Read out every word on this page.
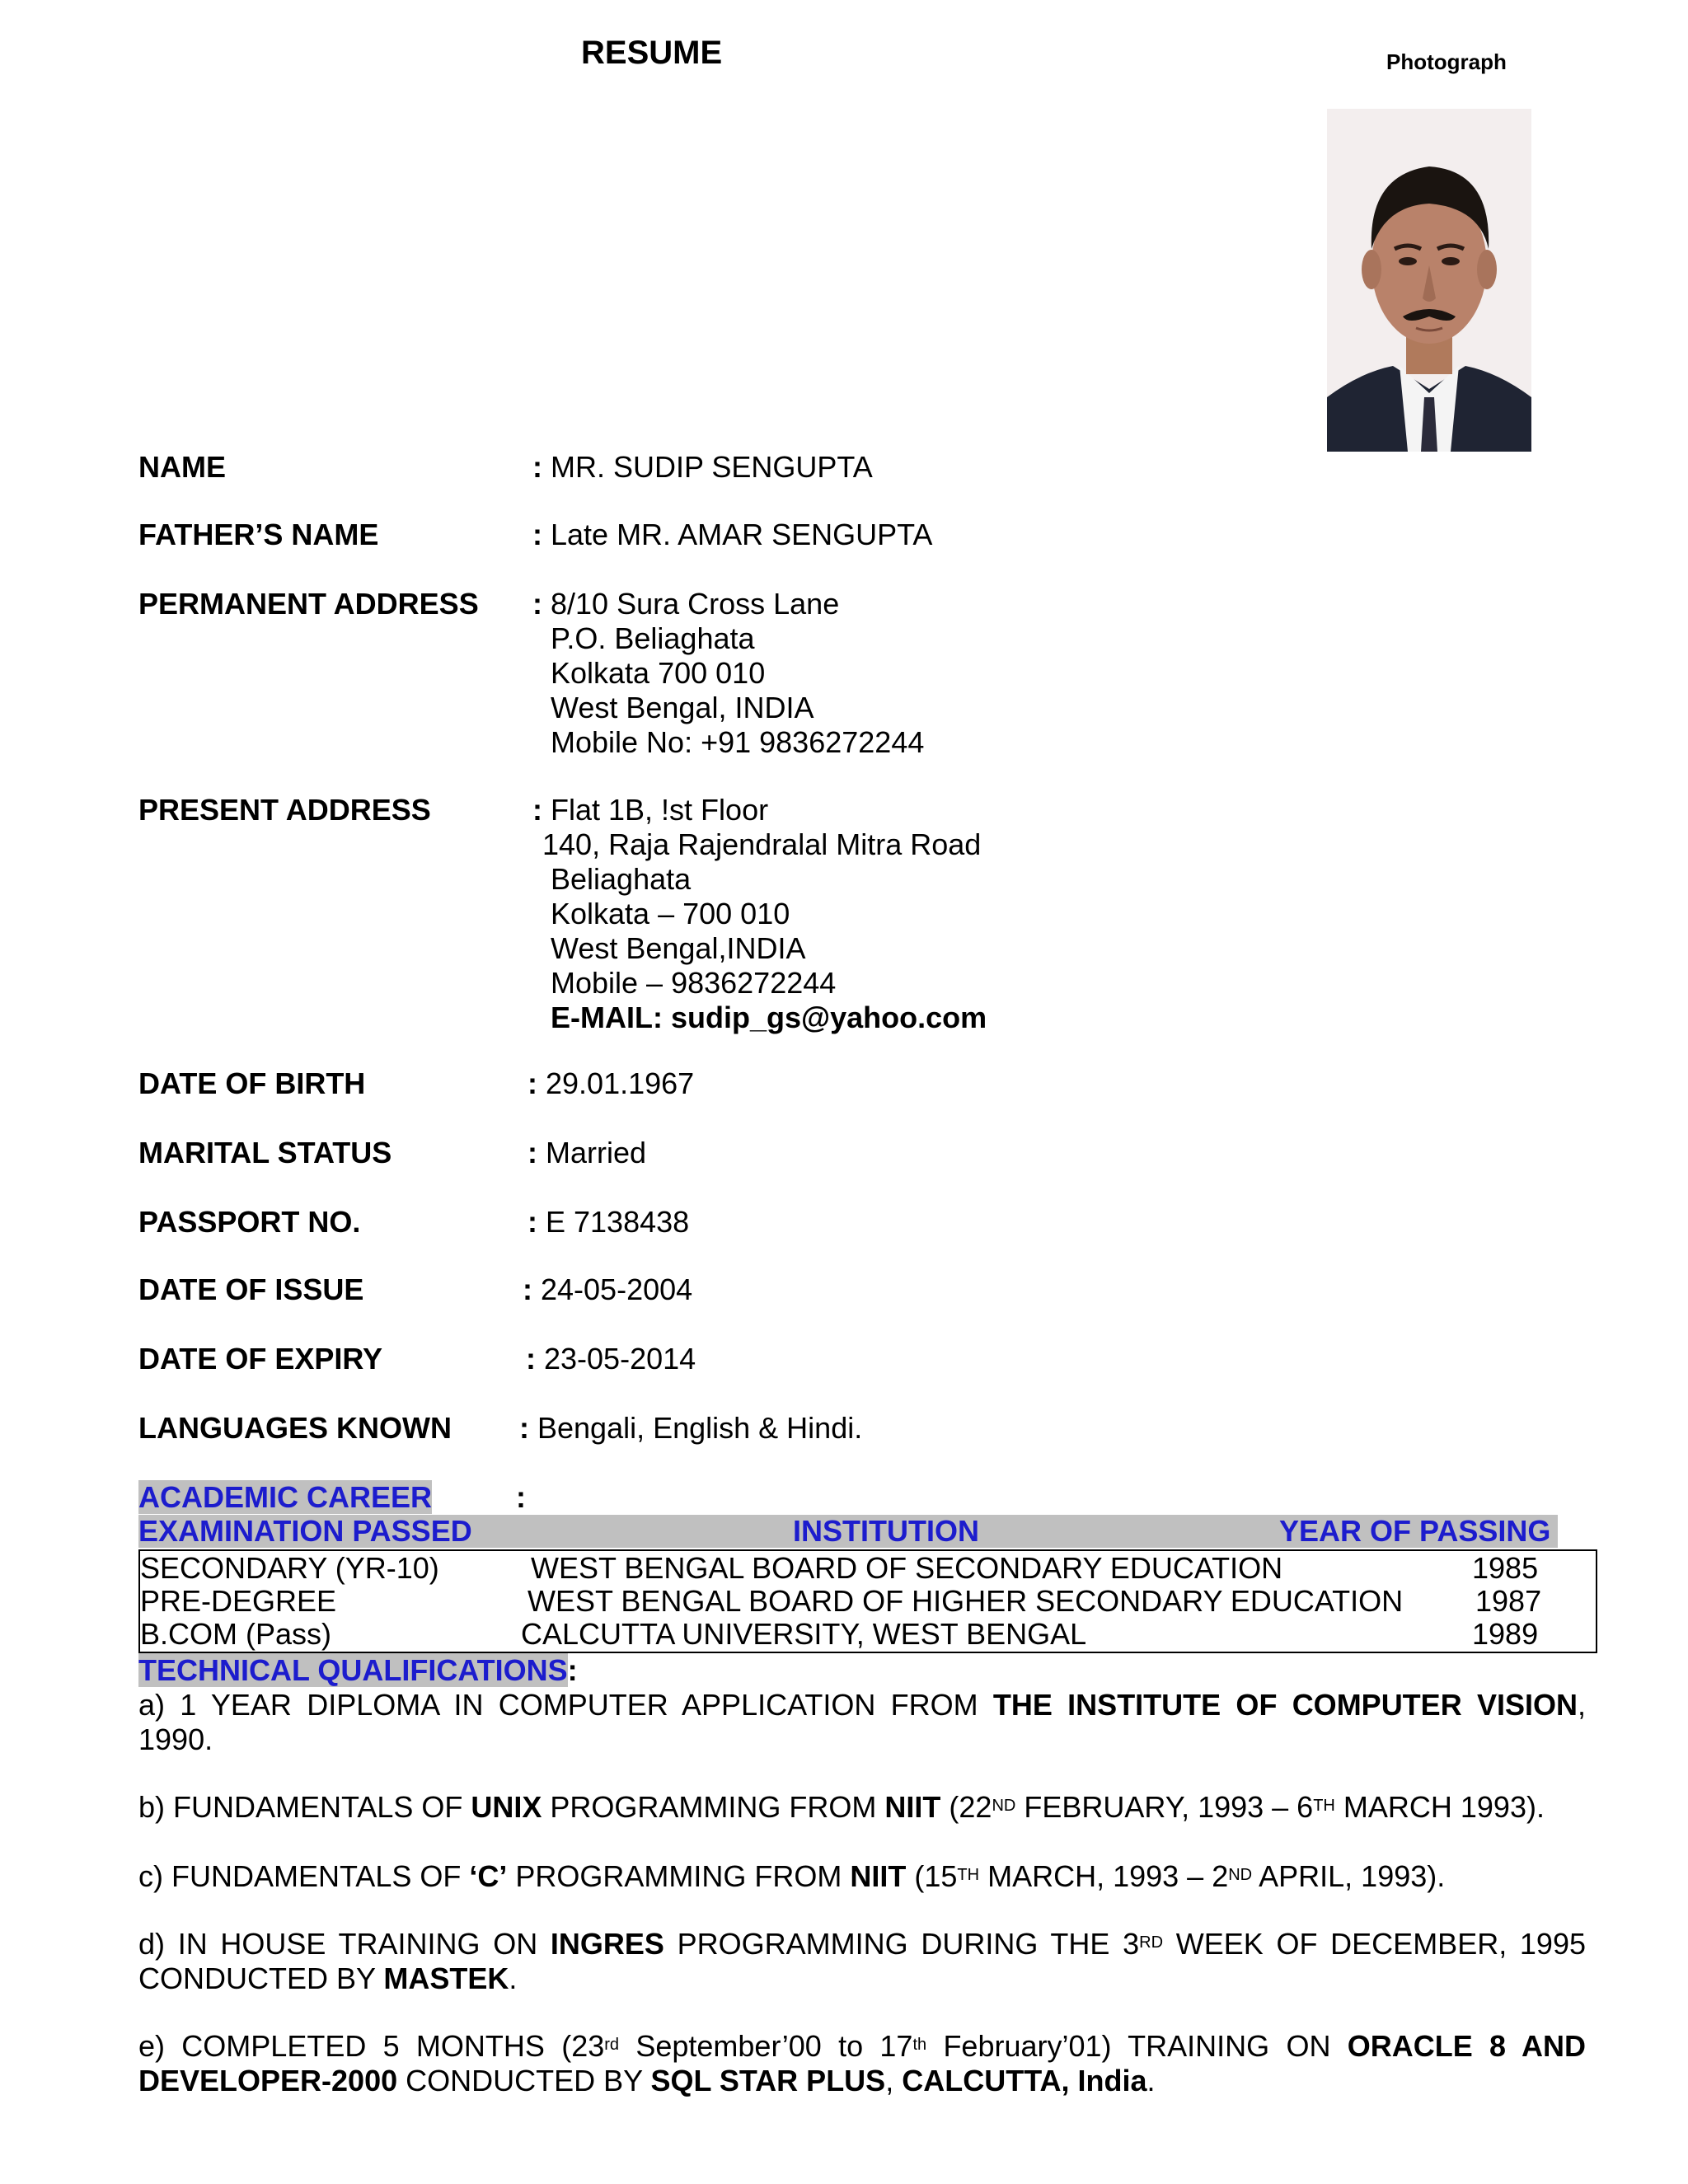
RESUME	Photograph
NAME	: MR. SUDIP SENGUPTA
FATHER’S NAME	: Late MR. AMAR SENGUPTA
PERMANENT ADDRESS : 8/10 Sura Cross Lane
P.O. Beliaghata
Kolkata 700 010
West Bengal, INDIA
Mobile No: +91 9836272244
PRESENT ADDRESS	: Flat 1B, !st Floor
140, Raja Rajendralal Mitra Road
Beliaghata
Kolkata – 700 010
West Bengal,INDIA
Mobile – 9836272244
E-MAIL: sudip_gs@yahoo.com
DATE OF BIRTH	: 29.01.1967
MARITAL STATUS	: Married
PASSPORT NO.	: E 7138438
DATE OF ISSUE	: 24-05-2004
DATE OF EXPIRY	: 23-05-2014
LANGUAGES KNOWN : Bengali, English & Hindi.
ACADEMIC CAREER	:
EXAMINATION PASSED	INSTITUTION	YEAR OF PASSING
SECONDARY (YR-10)	WEST BENGAL BOARD OF SECONDARY EDUCATION	1985
PRE-DEGREE	WEST BENGAL BOARD OF HIGHER SECONDARY EDUCATION 1987
B.COM (Pass)	CALCUTTA UNIVERSITY, WEST BENGAL	1989
TECHNICAL QUALIFICATIONS:
a) 1 YEAR DIPLOMA IN COMPUTER APPLICATION FROM THE INSTITUTE OF COMPUTER VISION, 1990.
b) FUNDAMENTALS OF UNIX PROGRAMMING FROM NIIT (22ND FEBRUARY, 1993 – 6TH MARCH 1993).
c) FUNDAMENTALS OF ‘C’ PROGRAMMING FROM NIIT (15TH MARCH, 1993 – 2ND APRIL, 1993).
d) IN HOUSE TRAINING ON INGRES PROGRAMMING DURING THE 3RD WEEK OF DECEMBER, 1995 CONDUCTED BY MASTEK.
e) COMPLETED 5 MONTHS (23rd September’00 to 17th February’01) TRAINING ON ORACLE 8 AND DEVELOPER-2000 CONDUCTED BY SQL STAR PLUS, CALCUTTA, India.
